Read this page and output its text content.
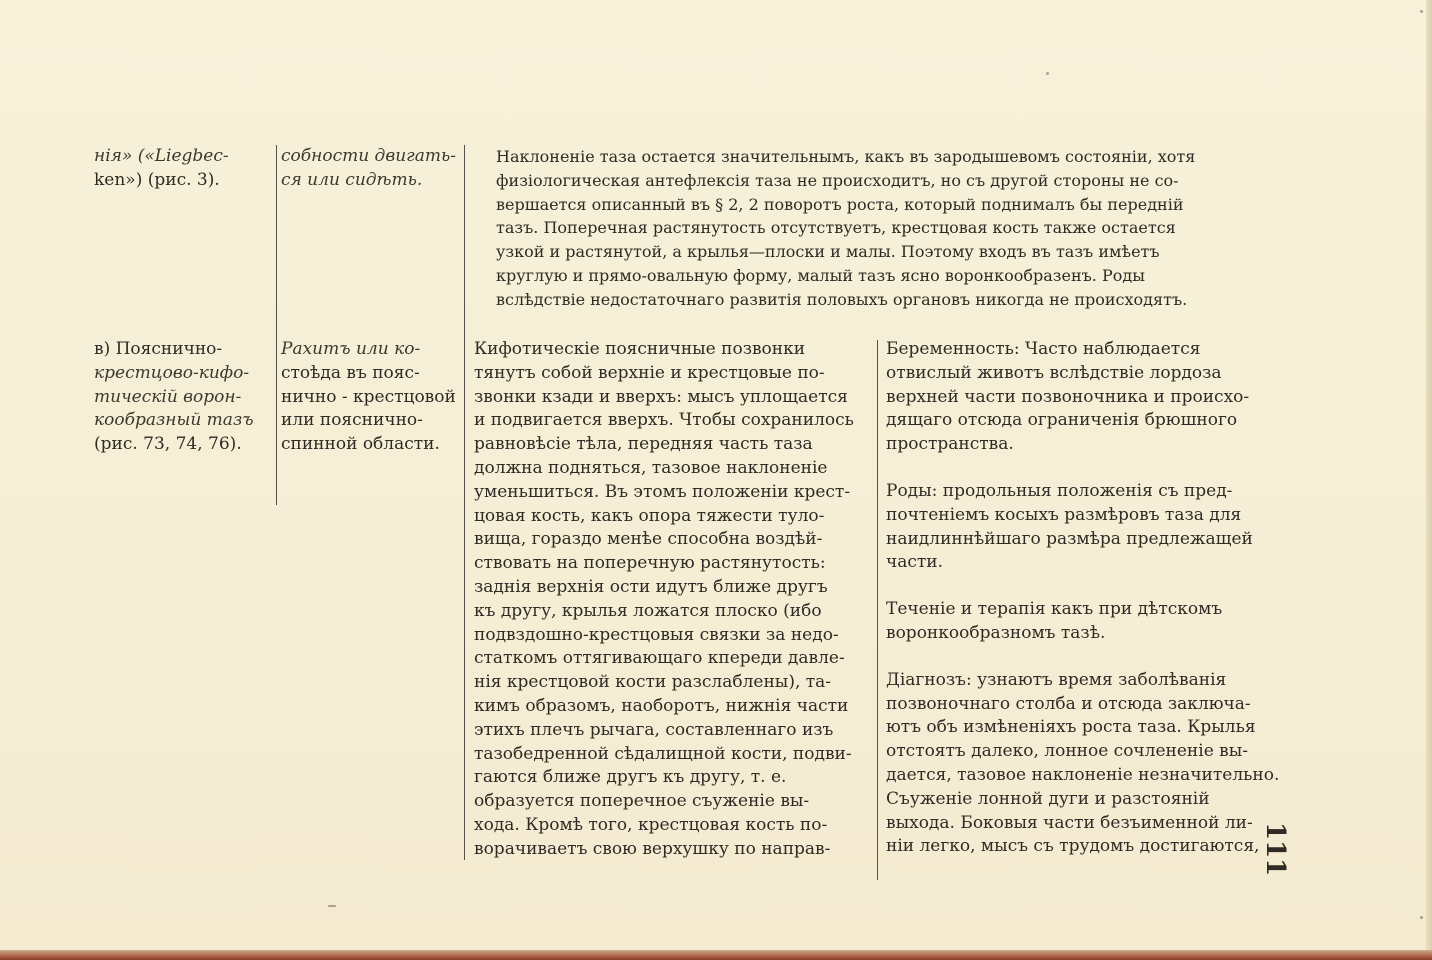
нія» («Liegbec-
ken») (рис. 3).
собности двигать-
ся или сидѣть.
Наклоненіе таза остается значительнымъ, какъ въ зародышевомъ состояніи, хотя
физіологическая антефлексія таза не происходитъ, но съ другой стороны не со-
вершается описанный въ § 2, 2 поворотъ роста, который поднималъ бы передній
тазъ. Поперечная растянутость отсутствуетъ, крестцовая кость также остается
узкой и растянутой, а крылья—плоски и малы. Поэтому входъ въ тазъ имѣетъ
круглую и прямо-овальную форму, малый тазъ ясно воронкообразенъ. Роды
вслѣдствіе недостаточнаго развитія половыхъ органовъ никогда не происходятъ.
в) Пояснично-
крестцово-кифо-
тическій ворон-
кообразный тазъ
(рис. 73, 74, 76).
Рахитъ или ко-
стоѣда въ пояс-
нично - крестцовой
или пояснично-
спинной области.
Кифотическіе поясничные позвонки
тянутъ собой верхніе и крестцовые по-
звонки кзади и вверхъ: мысъ уплощается
и подвигается вверхъ. Чтобы сохранилось
равновѣсіе тѣла, передняя часть таза
должна подняться, тазовое наклоненіе
уменьшиться. Въ этомъ положеніи крест-
цовая кость, какъ опора тяжести туло-
вища, гораздо менѣе способна воздѣй-
ствовать на поперечную растянутость:
заднія верхнія ости идутъ ближе другъ
къ другу, крылья ложатся плоско (ибо
подвздошно-крестцовыя связки за недо-
статкомъ оттягивающаго кпереди давле-
нія крестцовой кости разслаблены), та-
кимъ образомъ, наоборотъ, нижнія части
этихъ плечъ рычага, составленнаго изъ
тазобедренной сѣдалищной кости, подви-
гаются ближе другъ къ другу, т. е.
образуется поперечное съуженіе вы-
хода. Кромѣ того, крестцовая кость по-
ворачиваетъ свою верхушку по направ-
Беременность: Часто наблюдается
отвислый животъ вслѣдствіе лордоза
верхней части позвоночника и происхо-
дящаго отсюда ограниченія брюшного
пространства.
Роды: продольныя положенія съ пред-
почтеніемъ косыхъ размѣровъ таза для
наидлиннѣйшаго размѣра предлежащей
части.
Теченіе и терапія какъ при дѣтскомъ
воронкообразномъ тазѣ.
Діагнозъ: узнаютъ время заболѣванія
позвоночнаго столба и отсюда заключа-
ютъ объ измѣненіяхъ роста таза. Крылья
отстоятъ далеко, лонное сочлененіе вы-
дается, тазовое наклоненіе незначительно.
Съуженіе лонной дуги и разстояній
выхода. Боковыя части безъименной ли-
ніи легко, мысъ съ трудомъ достигаются, 111
